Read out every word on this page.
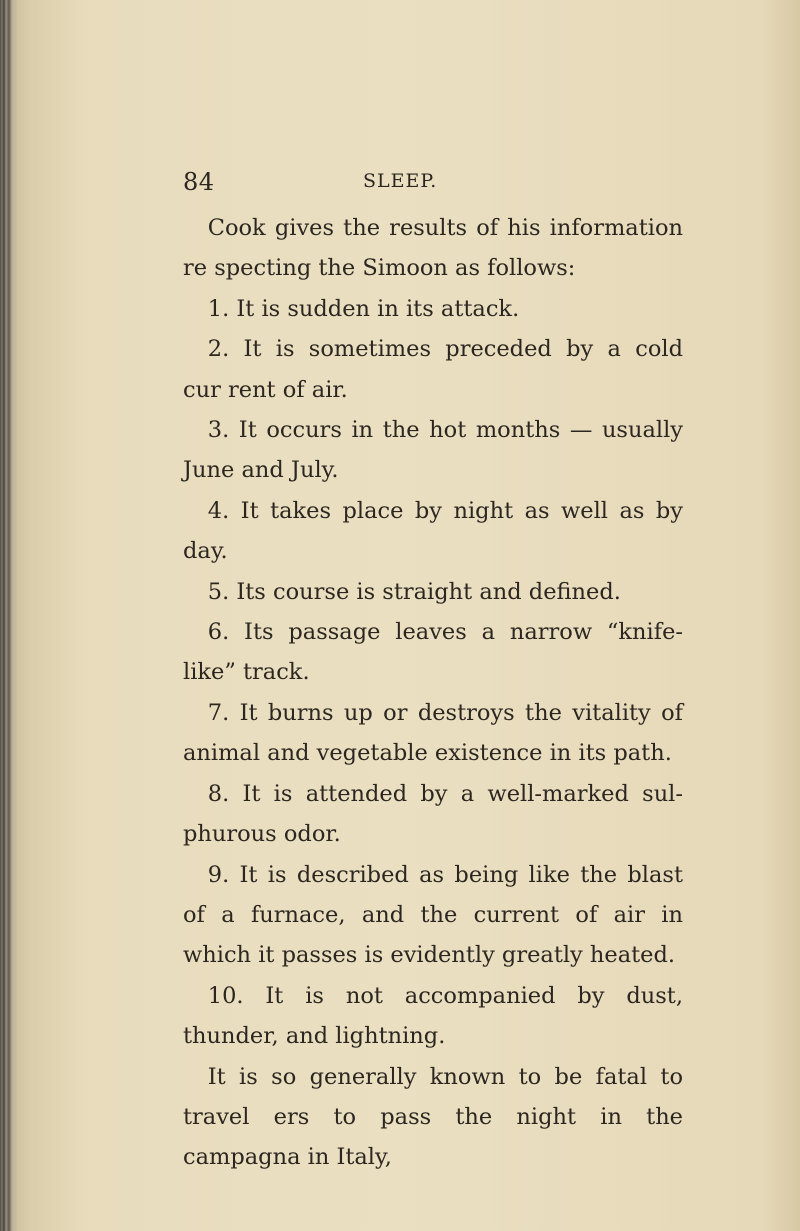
84	SLEEP.

Cook gives the results of his information re specting the Simoon as follows:

1. It is sudden in its attack.

2. It is sometimes preceded by a cold cur rent of air.

3. It occurs in the hot months — usually June and July.

4. It takes place by night as well as by day.

5. Its course is straight and defined.

6. Its passage leaves a narrow “knife-like” track.

7. It burns up or destroys the vitality of animal and vegetable existence in its path.

8. It is attended by a well-marked sul phurous odor.

9. It is described as being like the blast of a furnace, and the current of air in which it passes is evidently greatly heated.

10. It is not accompanied by dust, thunder, and lightning.

It is so generally known to be fatal to travel ers to pass the night in the campagna in Italy,
